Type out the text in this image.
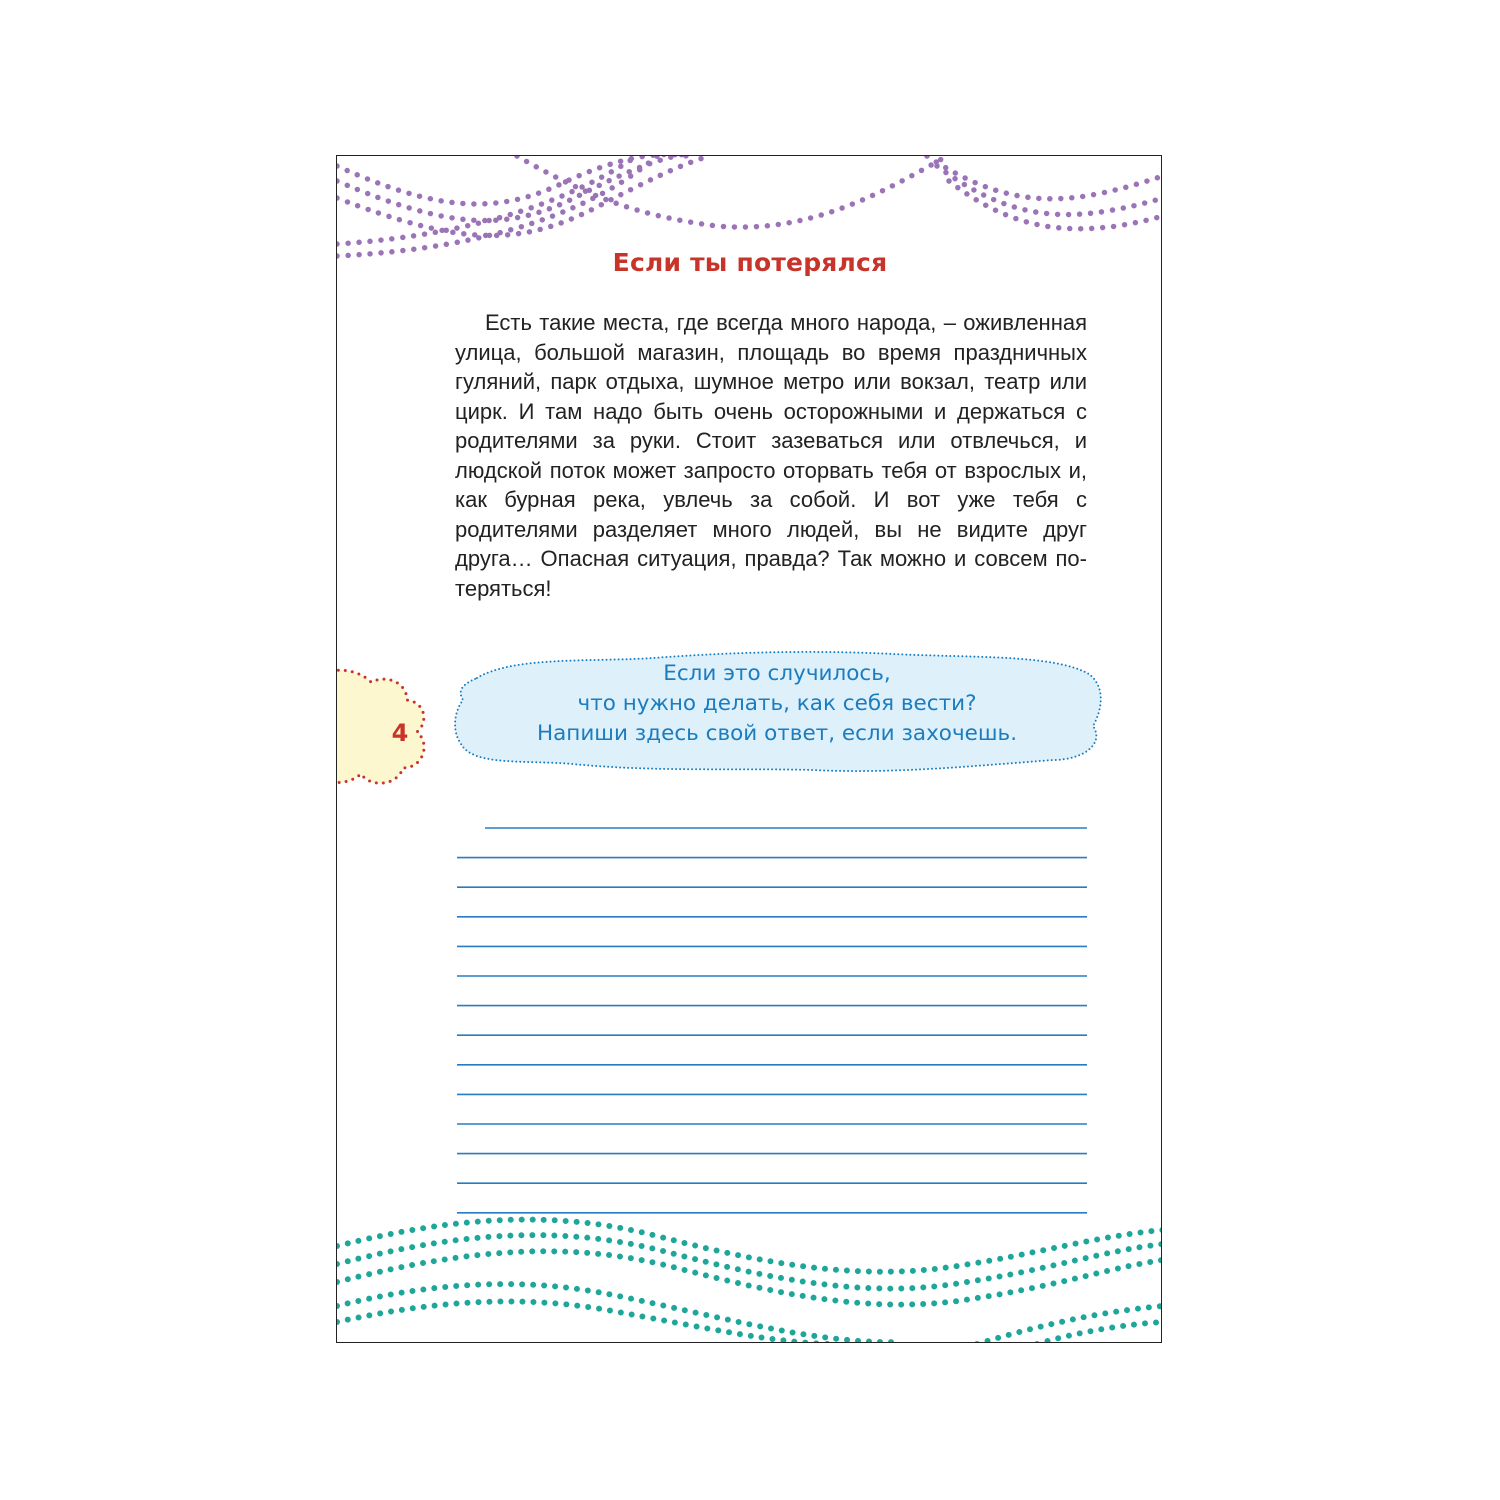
Если ты потерялся

Есть такие места, где всегда много народа, – оживленная улица, большой магазин, площадь во время праздничных гуляний, парк отдыха, шумное метро или вокзал, театр или цирк. И там надо быть очень осторожными и держаться с родителями за руки. Стоит зазеваться или отвлечься, и людской поток может запросто оторвать тебя от взрослых и, как бурная река, увлечь за собой. И вот уже тебя с родителями разделяет много людей, вы не видите друг друга… Опасная ситуация, правда? Так можно и совсем потеряться!

4
Если это случилось,
что нужно делать, как себя вести?
Напиши здесь свой ответ, если захочешь.
